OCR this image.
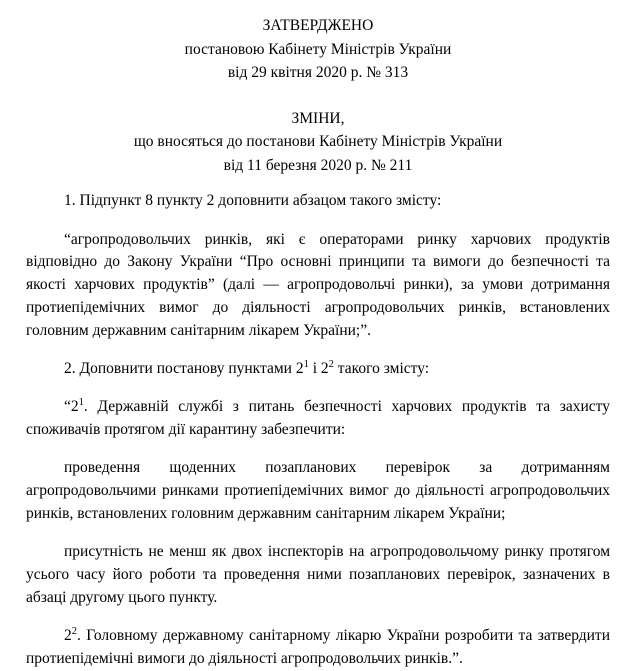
ЗАТВЕРДЖЕНО
постановою Кабінету Міністрів України
від 29 квітня 2020 р. № 313
ЗМІНИ,
що вносяться до постанови Кабінету Міністрів України
від 11 березня 2020 р. № 211

1. Підпункт 8 пункту 2 доповнити абзацом такого змісту:

“агропродовольчих ринків, які є операторами ринку харчових продуктів відповідно до Закону України “Про основні принципи та вимоги до безпечності та якості харчових продуктів” (далі — агропродовольчі ринки), за умови дотримання протиепідемічних вимог до діяльності агропродовольчих ринків, встановлених головним державним санітарним лікарем України;”.

2. Доповнити постанову пунктами $2^1$ і $2^2$ такого змісту:

“$2^1$. Державній службі з питань безпечності харчових продуктів та захисту споживачів протягом дії карантину забезпечити:

проведення щоденних позапланових перевірок за дотриманням агропродовольчими ринками протиепідемічних вимог до діяльності агропродовольчих ринків, встановлених головним державним санітарним лікарем України;

присутність не менш як двох інспекторів на агропродовольчому ринку протягом усього часу його роботи та проведення ними позапланових перевірок, зазначених в абзаці другому цього пункту.

$2^2$. Головному державному санітарному лікарю України розробити та затвердити протиепідемічні вимоги до діяльності агропродовольчих ринків.”.
